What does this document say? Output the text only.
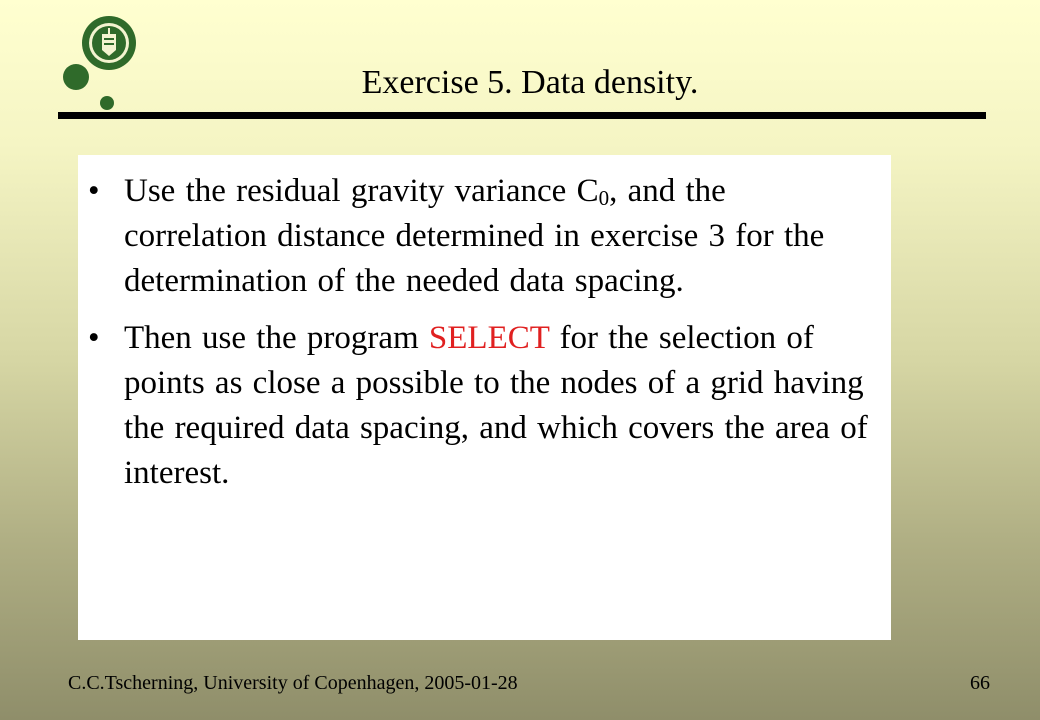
Exercise 5. Data density.
• Use the residual gravity variance $C_0$, and the correlation distance determined in exercise 3 for the determination of the needed data spacing.
• Then use the program SELECT for the selection of points as close a possible to the nodes of a grid having the required data spacing, and which covers the area of interest.
C.C.Tscherning, University of Copenhagen, 2005-01-28	66
